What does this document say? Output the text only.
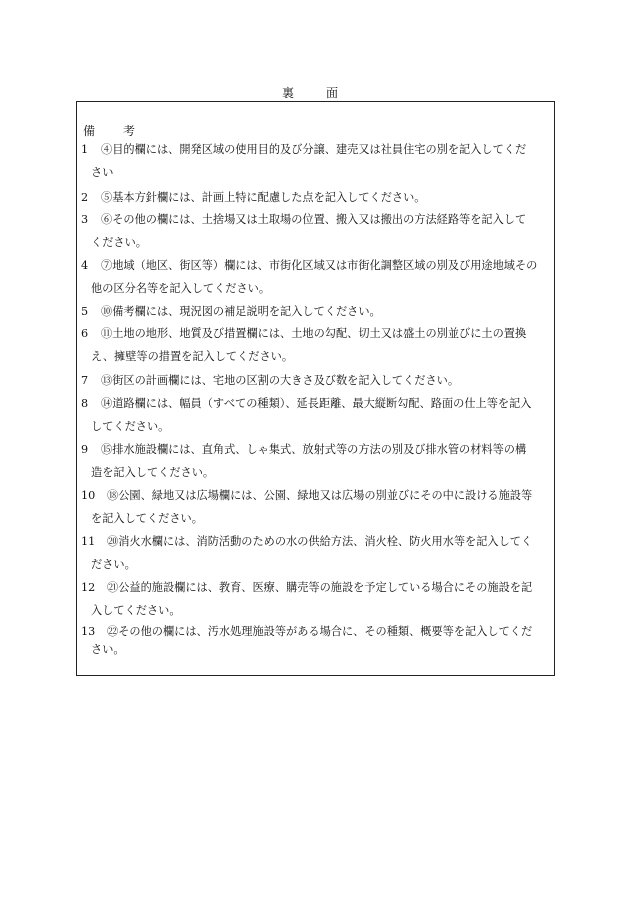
裏　面
備　考
1 ④目的欄には、開発区域の使用目的及び分譲、建売又は社員住宅の別を記入してくだ
さい
2 ⑤基本方針欄には、計画上特に配慮した点を記入してください。
3 ⑥その他の欄には、土捨場又は土取場の位置、搬入又は搬出の方法経路等を記入して
ください。
4 ⑦地域（地区、街区等）欄には、市街化区域又は市街化調整区域の別及び用途地域その
他の区分名等を記入してください。
5 ⑩備考欄には、現況図の補足説明を記入してください。
6 ⑪土地の地形、地質及び措置欄には、土地の勾配、切土又は盛土の別並びに土の置換
え、擁壁等の措置を記入してください。
7 ⑬街区の計画欄には、宅地の区割の大きさ及び数を記入してください。
8 ⑭道路欄には、幅員（すべての種類）、延長距離、最大縦断勾配、路面の仕上等を記入
してください。
9 ⑮排水施設欄には、直角式、しゃ集式、放射式等の方法の別及び排水管の材料等の構
造を記入してください。
10 ⑱公園、緑地又は広場欄には、公園、緑地又は広場の別並びにその中に設ける施設等
を記入してください。
11 ⑳消火水欄には、消防活動のための水の供給方法、消火栓、防火用水等を記入してく
ださい。
12 ㉑公益的施設欄には、教育、医療、購売等の施設を予定している場合にその施設を記
入してください。
13 ㉒その他の欄には、汚水処理施設等がある場合に、その種類、概要等を記入してくだ
さい。
